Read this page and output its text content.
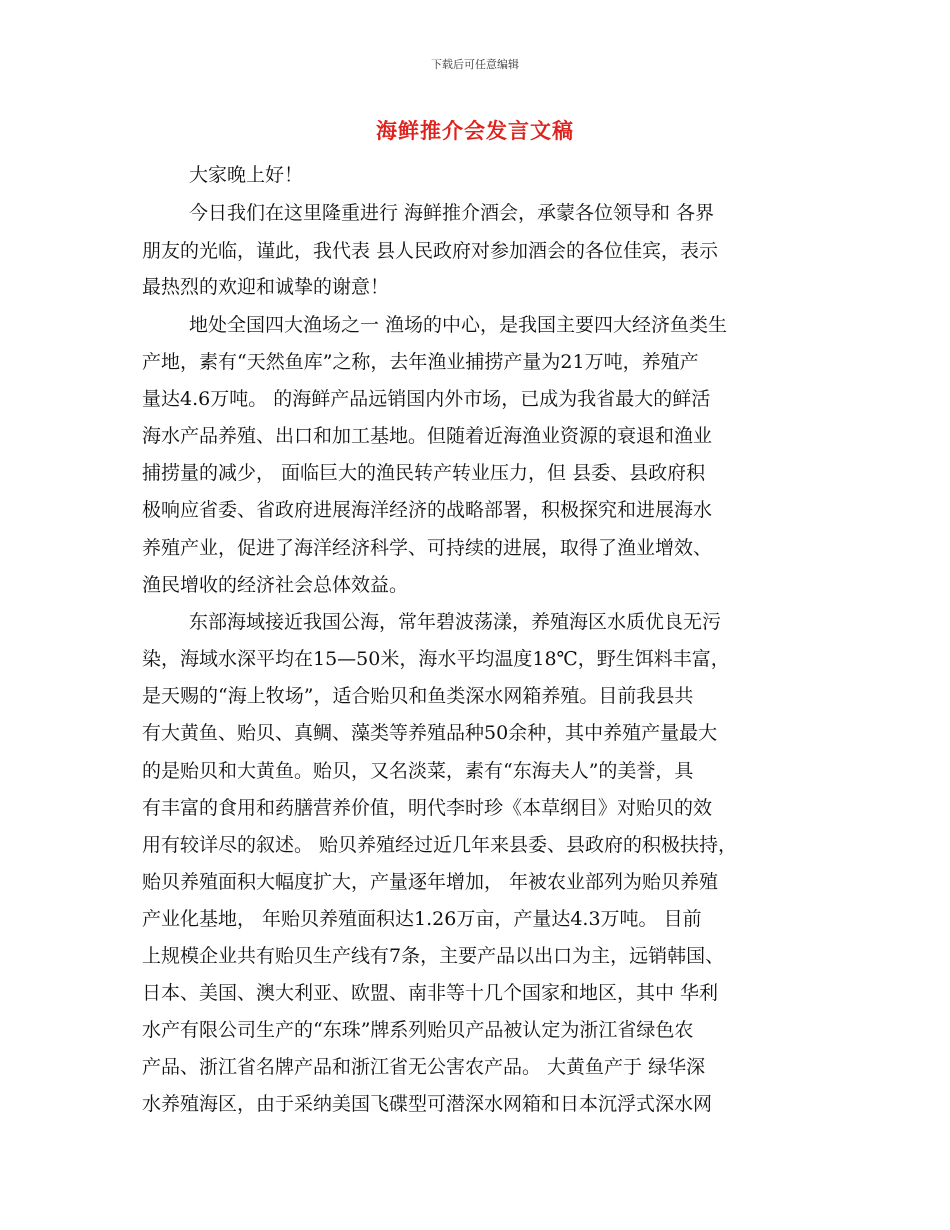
下载后可任意编辑
海鲜推介会发言文稿
大家晚上好！
今日我们在这里隆重进行 海鲜推介酒会，承蒙各位领导和 各界
朋友的光临，谨此，我代表 县人民政府对参加酒会的各位佳宾，表示
最热烈的欢迎和诚挚的谢意！
地处全国四大渔场之一 渔场的中心，是我国主要四大经济鱼类生
产地，素有“天然鱼库”之称，去年渔业捕捞产量为21万吨，养殖产
量达4.6万吨。 的海鲜产品远销国内外市场，已成为我省最大的鲜活
海水产品养殖、出口和加工基地。但随着近海渔业资源的衰退和渔业
捕捞量的减少， 面临巨大的渔民转产转业压力，但 县委、县政府积
极响应省委、省政府进展海洋经济的战略部署，积极探究和进展海水
养殖产业，促进了海洋经济科学、可持续的进展，取得了渔业增效、
渔民增收的经济社会总体效益。
东部海域接近我国公海，常年碧波荡漾，养殖海区水质优良无污
染，海域水深平均在15—50米，海水平均温度18℃，野生饵料丰富，
是天赐的“海上牧场”，适合贻贝和鱼类深水网箱养殖。目前我县共
有大黄鱼、贻贝、真鲷、藻类等养殖品种50余种，其中养殖产量最大
的是贻贝和大黄鱼。贻贝，又名淡菜，素有“东海夫人”的美誉，具
有丰富的食用和药膳营养价值，明代李时珍《本草纲目》对贻贝的效
用有较详尽的叙述。 贻贝养殖经过近几年来县委、县政府的积极扶持，
贻贝养殖面积大幅度扩大，产量逐年增加， 年被农业部列为贻贝养殖
产业化基地， 年贻贝养殖面积达1.26万亩，产量达4.3万吨。 目前
上规模企业共有贻贝生产线有7条，主要产品以出口为主，远销韩国、
日本、美国、澳大利亚、欧盟、南非等十几个国家和地区，其中 华利
水产有限公司生产的“东珠”牌系列贻贝产品被认定为浙江省绿色农
产品、浙江省名牌产品和浙江省无公害农产品。 大黄鱼产于 绿华深
水养殖海区，由于采纳美国飞碟型可潜深水网箱和日本沉浮式深水网
